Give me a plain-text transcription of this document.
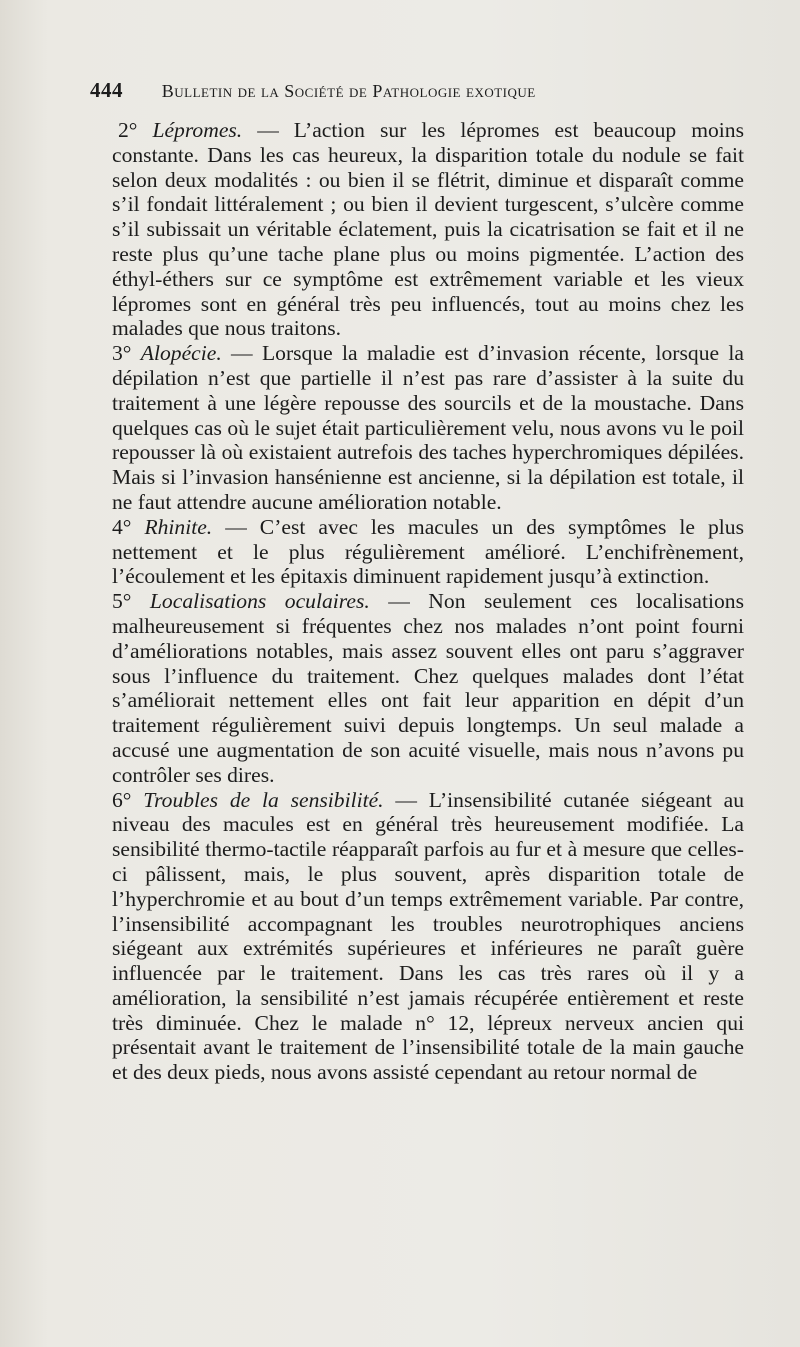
444 Bulletin de la Société de Pathologie exotique

2° Lépromes. — L’action sur les lépromes est beaucoup moins constante. Dans les cas heureux, la disparition totale du nodule se fait selon deux modalités : ou bien il se flétrit, diminue et disparaît comme s’il fondait littéralement ; ou bien il devient turgescent, s’ulcère comme s’il subissait un véritable éclatement, puis la cicatrisation se fait et il ne reste plus qu’une tache plane plus ou moins pigmentée. L’action des éthyl-éthers sur ce symptôme est extrêmement variable et les vieux lépromes sont en général très peu influencés, tout au moins chez les malades que nous traitons.

3° Alopécie. — Lorsque la maladie est d’invasion récente, lorsque la dépilation n’est que partielle il n’est pas rare d’assister à la suite du traitement à une légère repousse des sourcils et de la moustache. Dans quelques cas où le sujet était particulièrement velu, nous avons vu le poil repousser là où existaient autrefois des taches hyperchromiques dépilées. Mais si l’invasion hansénienne est ancienne, si la dépilation est totale, il ne faut attendre aucune amélioration notable.

4° Rhinite. — C’est avec les macules un des symptômes le plus nettement et le plus régulièrement amélioré. L’enchifrènement, l’écoulement et les épitaxis diminuent rapidement jusqu’à extinction.

5° Localisations oculaires. — Non seulement ces localisations malheureusement si fréquentes chez nos malades n’ont point fourni d’améliorations notables, mais assez souvent elles ont paru s’aggraver sous l’influence du traitement. Chez quelques malades dont l’état s’améliorait nettement elles ont fait leur apparition en dépit d’un traitement régulièrement suivi depuis longtemps. Un seul malade a accusé une augmentation de son acuité visuelle, mais nous n’avons pu contrôler ses dires.

6° Troubles de la sensibilité. — L’insensibilité cutanée siégeant au niveau des macules est en général très heureusement modifiée. La sensibilité thermo-tactile réapparaît parfois au fur et à mesure que celles-ci pâlissent, mais, le plus souvent, après disparition totale de l’hyperchromie et au bout d’un temps extrêmement variable. Par contre, l’insensibilité accompagnant les troubles neurotrophiques anciens siégeant aux extrémités supérieures et inférieures ne paraît guère influencée par le traitement. Dans les cas très rares où il y a amélioration, la sensibilité n’est jamais récupérée entièrement et reste très diminuée. Chez le malade n° 12, lépreux nerveux ancien qui présentait avant le traitement de l’insensibilité totale de la main gauche et des deux pieds, nous avons assisté cependant au retour normal de
